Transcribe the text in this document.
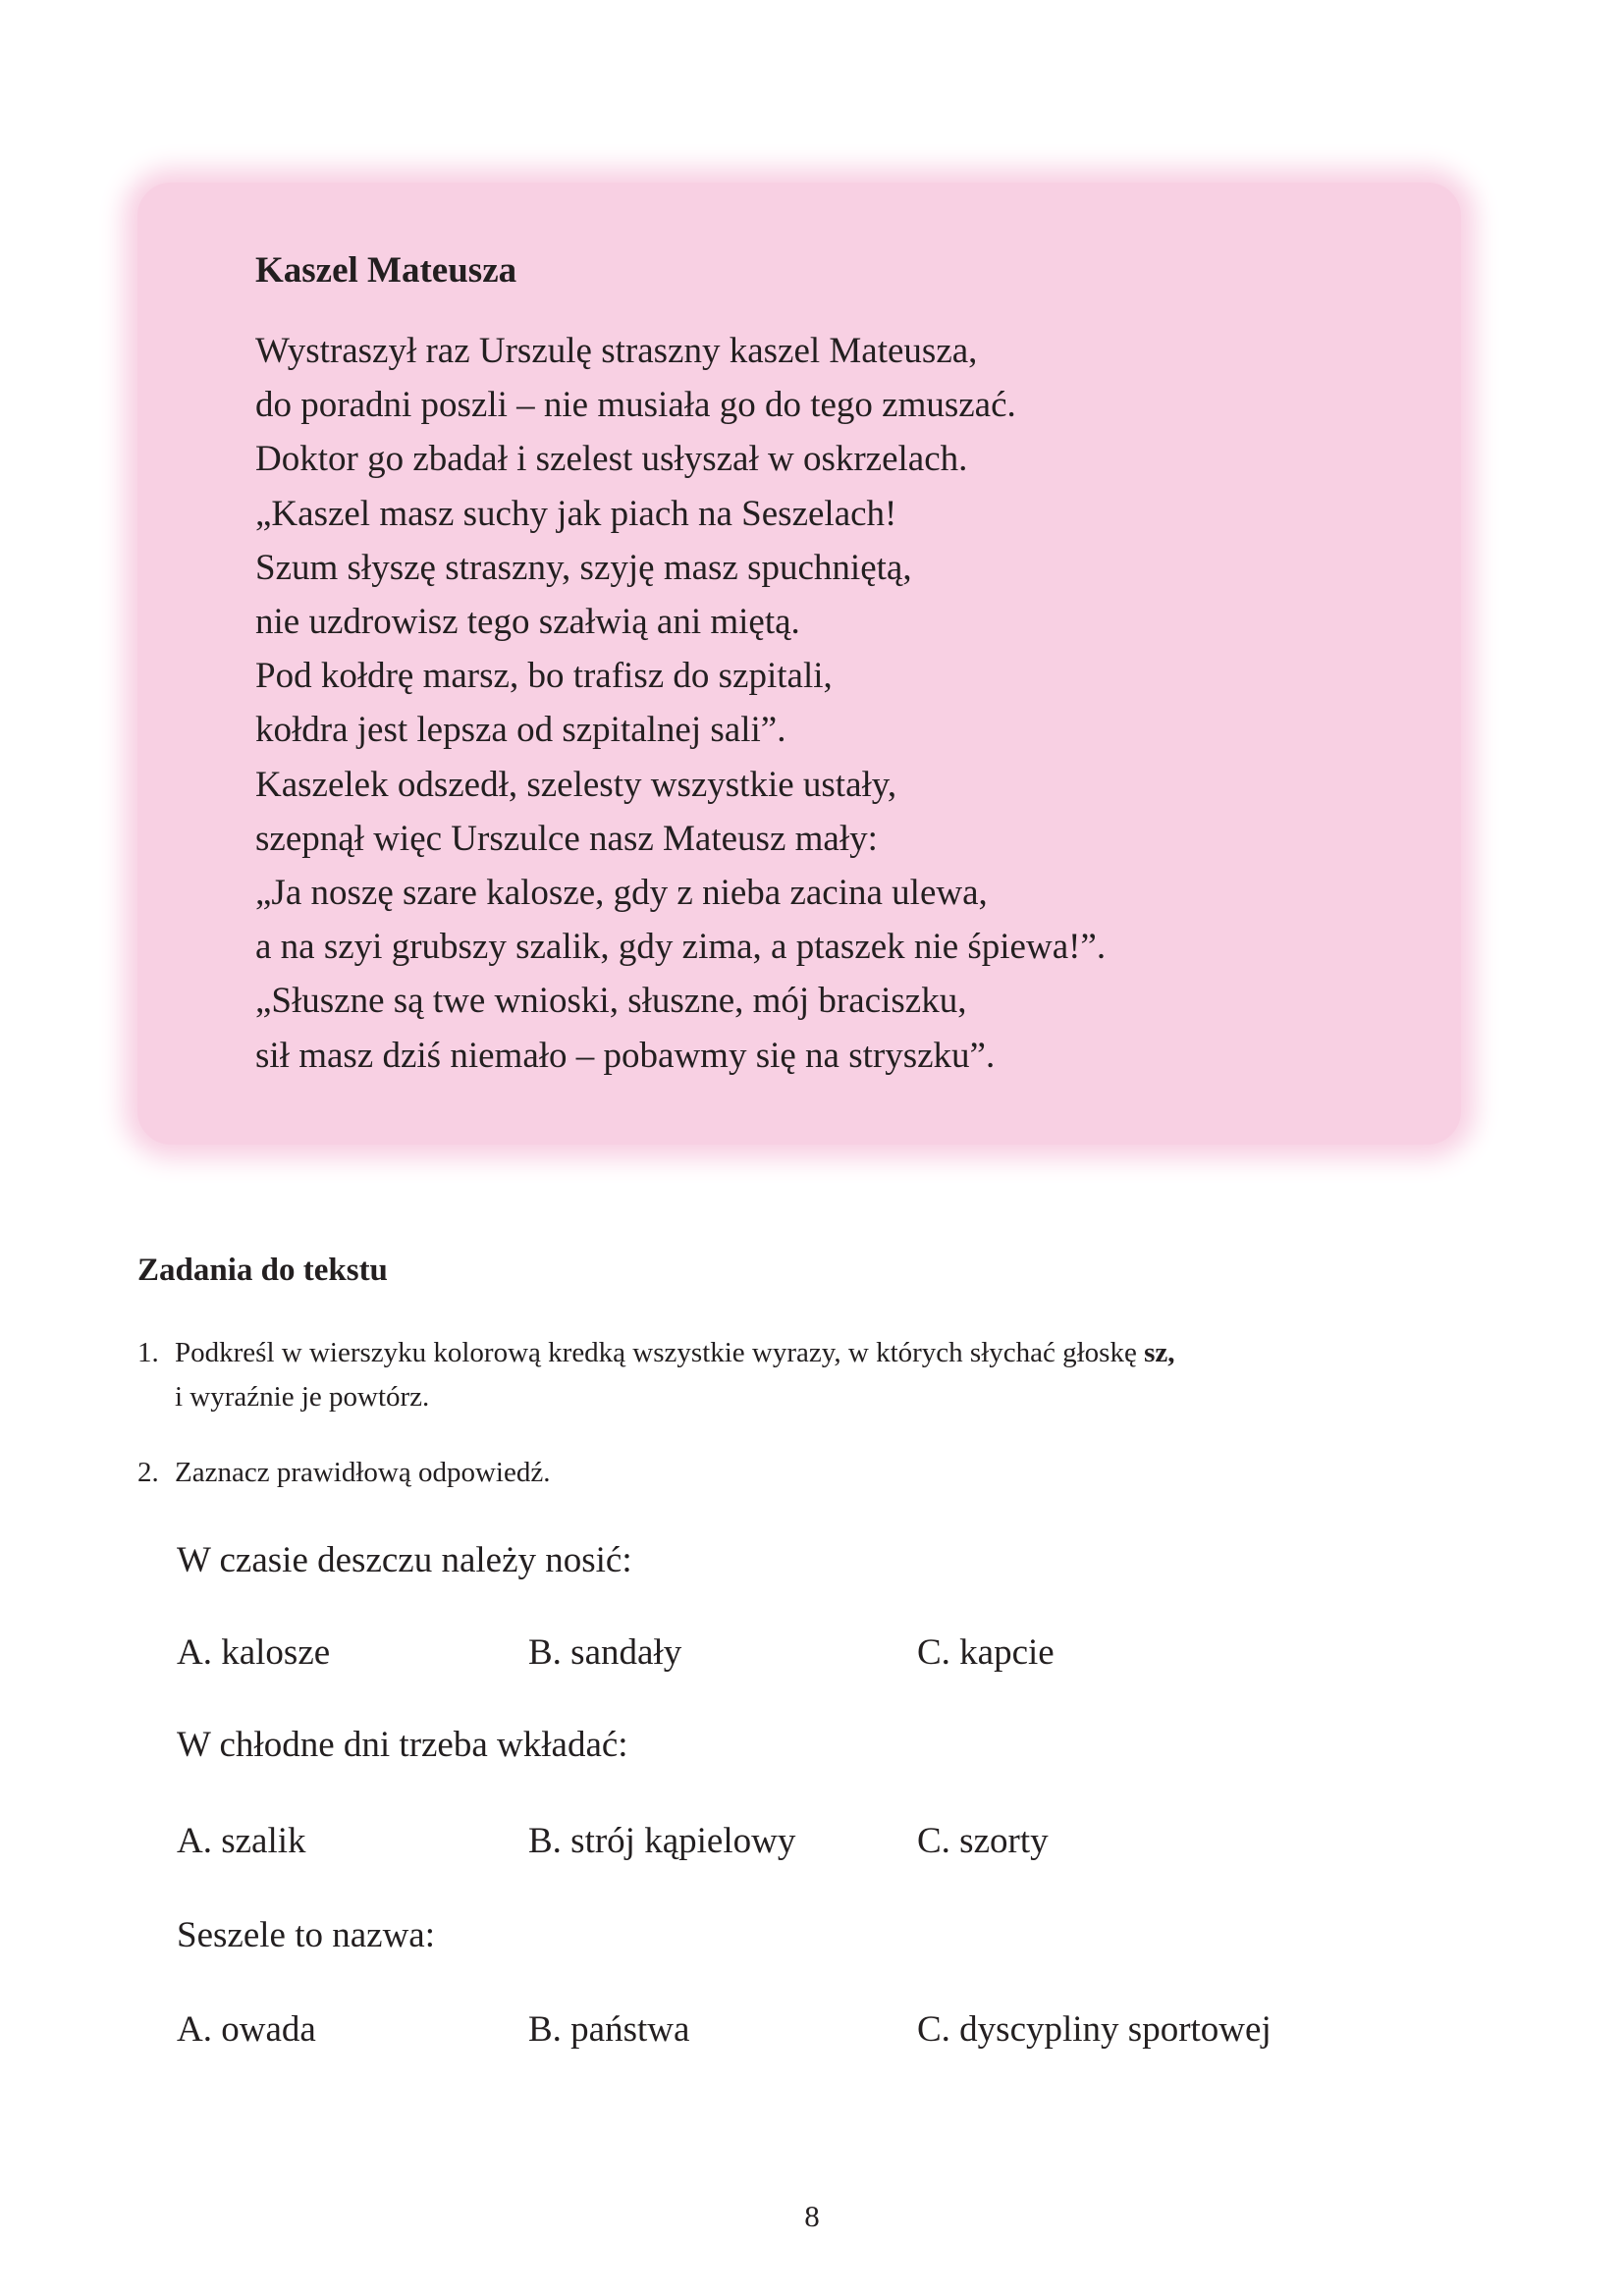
Kaszel Mateusza
Wystraszył raz Urszulę straszny kaszel Mateusza,
do poradni poszli – nie musiała go do tego zmuszać.
Doktor go zbadał i szelest usłyszał w oskrzelach.
„Kaszel masz suchy jak piach na Seszelach!
Szum słyszę straszny, szyję masz spuchniętą,
nie uzdrowisz tego szałwią ani miętą.
Pod kołdrę marsz, bo trafisz do szpitali,
kołdra jest lepsza od szpitalnej sali”.
Kaszelek odszedł, szelesty wszystkie ustały,
szepnął więc Urszulce nasz Mateusz mały:
„Ja noszę szare kalosze, gdy z nieba zacina ulewa,
a na szyi grubszy szalik, gdy zima, a ptaszek nie śpiewa!”.
„Słuszne są twe wnioski, słuszne, mój braciszku,
sił masz dziś niemało – pobawmy się na stryszku”.
Zadania do tekstu
1. Podkreśl w wierszyku kolorową kredką wszystkie wyrazy, w których słychać głoskę sz,
i wyraźnie je powtórz.
2. Zaznacz prawidłową odpowiedź.
W czasie deszczu należy nosić:
A. kalosze	B. sandały	C. kapcie
W chłodne dni trzeba wkładać:
A. szalik	B. strój kąpielowy	C. szorty
Seszele to nazwa:
A. owada	B. państwa	C. dyscypliny sportowej
8
